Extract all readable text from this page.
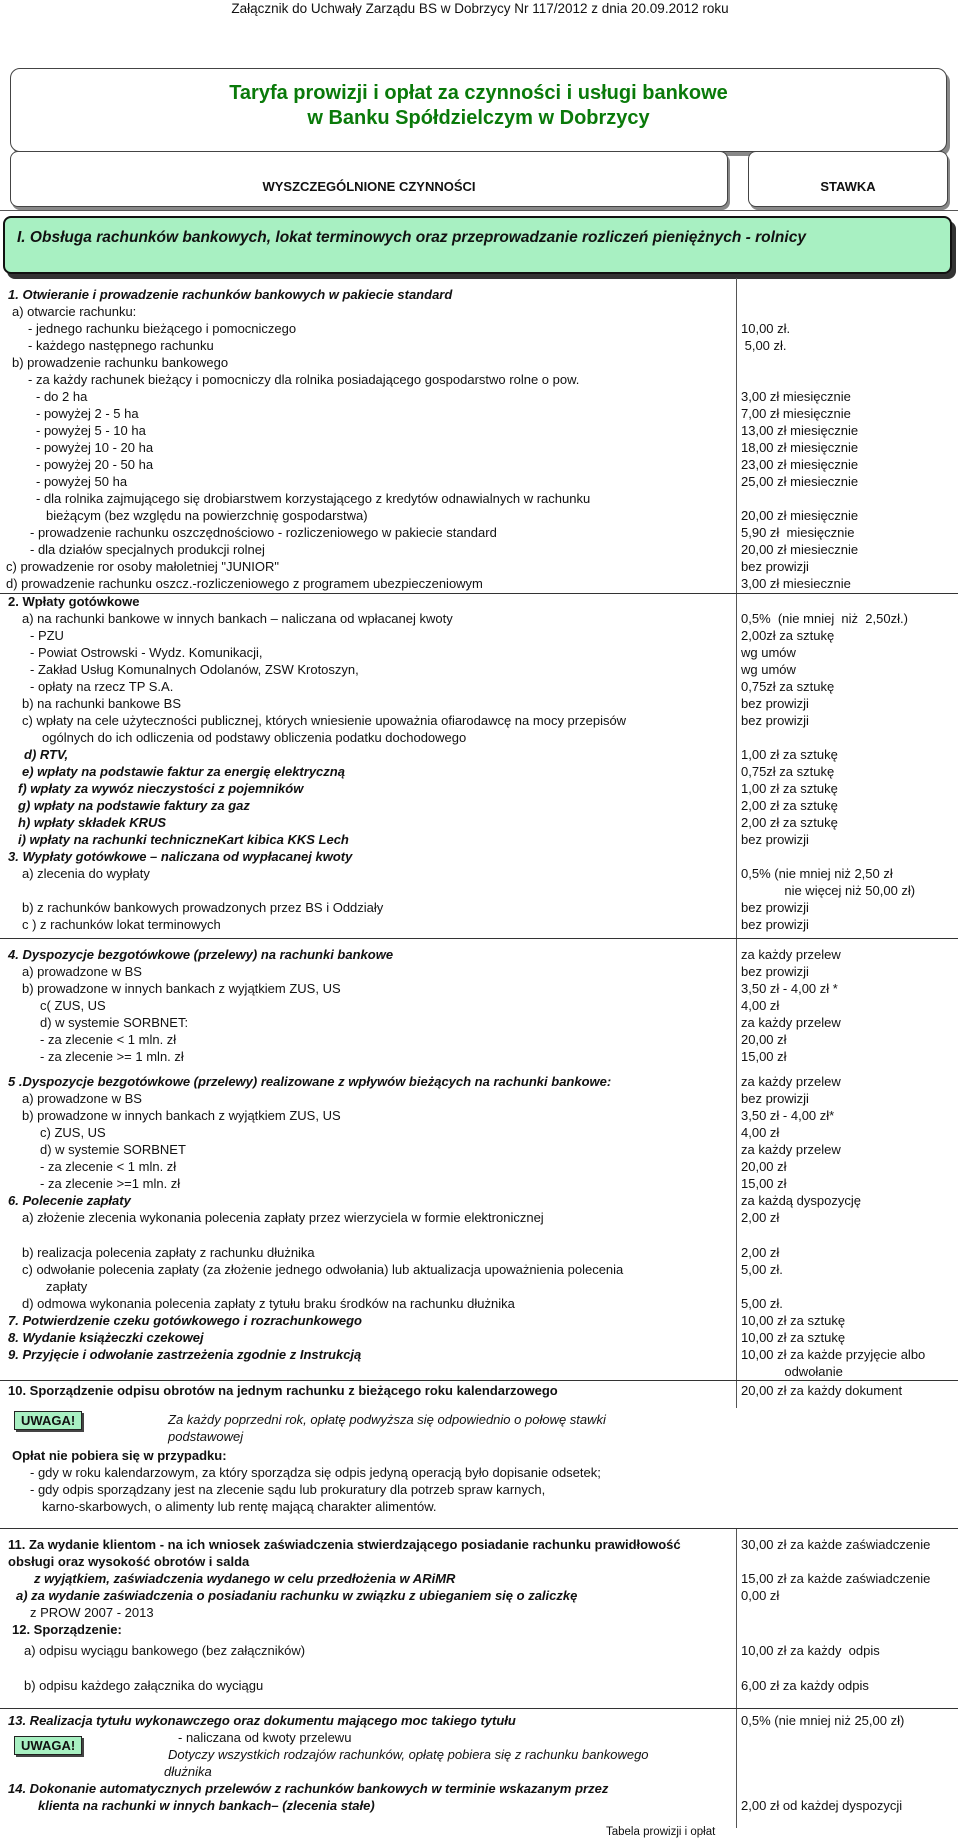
Załącznik do Uchwały Zarządu BS w Dobrzycy Nr 117/2012 z dnia 20.09.2012 roku
Taryfa prowizji i opłat za czynności i usługi bankowe
w Banku Spółdzielczym w Dobrzycy
WYSZCZEGÓLNIONE CZYNNOŚCI	STAWKA
I. Obsługa rachunków bankowych, lokat terminowych oraz przeprowadzanie rozliczeń pieniężnych - rolnicy
UWAGA!
UWAGA!
1. Otwieranie i prowadzenie rachunków bankowych w pakiecie standard
a) otwarcie rachunku:
- jednego rachunku bieżącego i pomocniczego	10,00 zł.
- każdego następnego rachunku	5,00 zł.
b) prowadzenie rachunku bankowego
- za każdy rachunek bieżący i pomocniczy dla rolnika posiadającego gospodarstwo rolne o pow.
- do 2 ha	3,00 zł miesięcznie
- powyżej 2 - 5 ha	7,00 zł miesięcznie
- powyżej 5 - 10 ha	13,00 zł miesięcznie
- powyżej 10 - 20 ha	18,00 zł miesięcznie
- powyżej 20 - 50 ha	23,00 zł miesięcznie
- powyżej 50 ha	25,00 zł miesiecznie
- dla rolnika zajmującego się drobiarstwem korzystającego z kredytów odnawialnych w rachunku
bieżącym (bez względu na powierzchnię gospodarstwa)	20,00 zł miesięcznie
- prowadzenie rachunku oszczędnościowo - rozliczeniowego w pakiecie standard	5,90 zł  miesięcznie
- dla działów specjalnych produkcji rolnej	20,00 zł miesiecznie
c) prowadzenie ror osoby małoletniej "JUNIOR"	bez prowizji
d) prowadzenie rachunku oszcz.-rozliczeniowego z programem ubezpieczeniowym	3,00 zł miesiecznie
2. Wpłaty gotówkowe
a) na rachunki bankowe w innych bankach – naliczana od wpłacanej kwoty	0,5%  (nie mniej  niż  2,50zł.)
- PZU	2,00zł za sztukę
- Powiat Ostrowski - Wydz. Komunikacji,	wg umów
- Zakład Usług Komunalnych Odolanów, ZSW Krotoszyn,	wg umów
- opłaty na rzecz TP S.A.	0,75zł za sztukę
b) na rachunki bankowe BS	bez prowizji
c) wpłaty na cele użyteczności publicznej, których wniesienie upoważnia ofiarodawcę na mocy przepisów	bez prowizji
ogólnych do ich odliczenia od podstawy obliczenia podatku dochodowego
d) RTV,	1,00 zł za sztukę
e) wpłaty na podstawie faktur za energię elektryczną	0,75zł za sztukę
f) wpłaty za wywóz nieczystości z pojemników	1,00 zł za sztukę
g) wpłaty na podstawie faktury za gaz	2,00 zł za sztukę
h) wpłaty składek KRUS	2,00 zł za sztukę
i) wpłaty na rachunki technicznеKart kibica KKS Lech	bez prowizji
3. Wypłaty gotówkowe – naliczana od wypłacanej kwoty
a) zlecenia do wypłaty	0,5% (nie mniej niż 2,50 zł
nie więcej niż 50,00 zł)
b) z rachunków bankowych prowadzonych przez BS i Oddziały	bez prowizji
c ) z rachunków lokat terminowych	bez prowizji
4. Dyspozycje bezgotówkowe (przelewy) na rachunki bankowe	za każdy przelew
a) prowadzone w BS	bez prowizji
b) prowadzone w innych bankach z wyjątkiem ZUS, US	3,50 zł - 4,00 zł *
c( ZUS, US	4,00 zł
d) w systemie SORBNET:	za każdy przelew
- za zlecenie < 1 mln. zł	20,00 zł
- za zlecenie >= 1 mln. zł	15,00 zł
5 .Dyspozycje bezgotówkowe (przelewy) realizowane z wpływów bieżących na rachunki bankowe:	za każdy przelew
a) prowadzone w BS	bez prowizji
b) prowadzone w innych bankach z wyjątkiem ZUS, US	3,50 zł - 4,00 zł*
c) ZUS, US	4,00 zł
d) w systemie SORBNET	za każdy przelew
- za zlecenie < 1 mln. zł	20,00 zł
- za zlecenie >=1 mln. zł	15,00 zł
6. Polecenie zapłaty	za każdą dyspozycję
a) złożenie zlecenia wykonania polecenia zapłaty przez wierzyciela w formie elektronicznej	2,00 zł
b) realizacja polecenia zapłaty z rachunku dłużnika	2,00 zł
c) odwołanie polecenia zapłaty (za złożenie jednego odwołania) lub aktualizacja upoważnienia polecenia	5,00 zł.
zapłaty
d) odmowa wykonania polecenia zapłaty z tytułu braku środków na rachunku dłużnika	5,00 zł.
7. Potwierdzenie czeku gotówkowego i rozrachunkowego	10,00 zł za sztukę
8. Wydanie książeczki czekowej	10,00 zł za sztukę
9. Przyjęcie i odwołanie zastrzeżenia zgodnie z Instrukcją	10,00 zł za każde przyjęcie albo
odwołanie
10. Sporządzenie odpisu obrotów na jednym rachunku z bieżącego roku kalendarzowego	20,00 zł za każdy dokument
Za każdy poprzedni rok, opłatę podwyższa się odpowiednio o połowę stawki
podstawowej
Opłat nie pobiera się w przypadku:
- gdy w roku kalendarzowym, za który sporządza się odpis jedyną operacją było dopisanie odsetek;
- gdy odpis sporządzany jest na zlecenie sądu lub prokuratury dla potrzeb spraw karnych,
karno-skarbowych, o alimenty lub rentę mającą charakter alimentów.
11. Za wydanie klientom - na ich wniosek zaświadczenia stwierdzającego posiadanie rachunku prawidłowość	30,00 zł za każde zaświadczenie
obsługi oraz wysokość obrotów i salda
z wyjątkiem, zaświadczenia wydanego w celu przedłożenia w ARiMR	15,00 zł za każde zaświadczenie
a) za wydanie zaświadczenia o posiadaniu rachunku w związku z ubieganiem się o zaliczkę	0,00 zł
z PROW 2007 - 2013
12. Sporządzenie:
a) odpisu wyciągu bankowego (bez załączników)	10,00 zł za każdy  odpis
b) odpisu każdego załącznika do wyciągu	6,00 zł za każdy odpis
13. Realizacja tytułu wykonawczego oraz dokumentu mającego moc takiego tytułu	0,5% (nie mniej niż 25,00 zł)
- naliczana od kwoty przelewu
Dotyczy wszystkich rodzajów rachunków, opłatę pobiera się z rachunku bankowego
dłużnika
14. Dokonanie automatycznych przelewów z rachunków bankowych w terminie wskazanym przez
klienta na rachunki w innych bankach– (zlecenia stałe)	2,00 zł od każdej dyspozycji
Tabela prowizji i opłat
